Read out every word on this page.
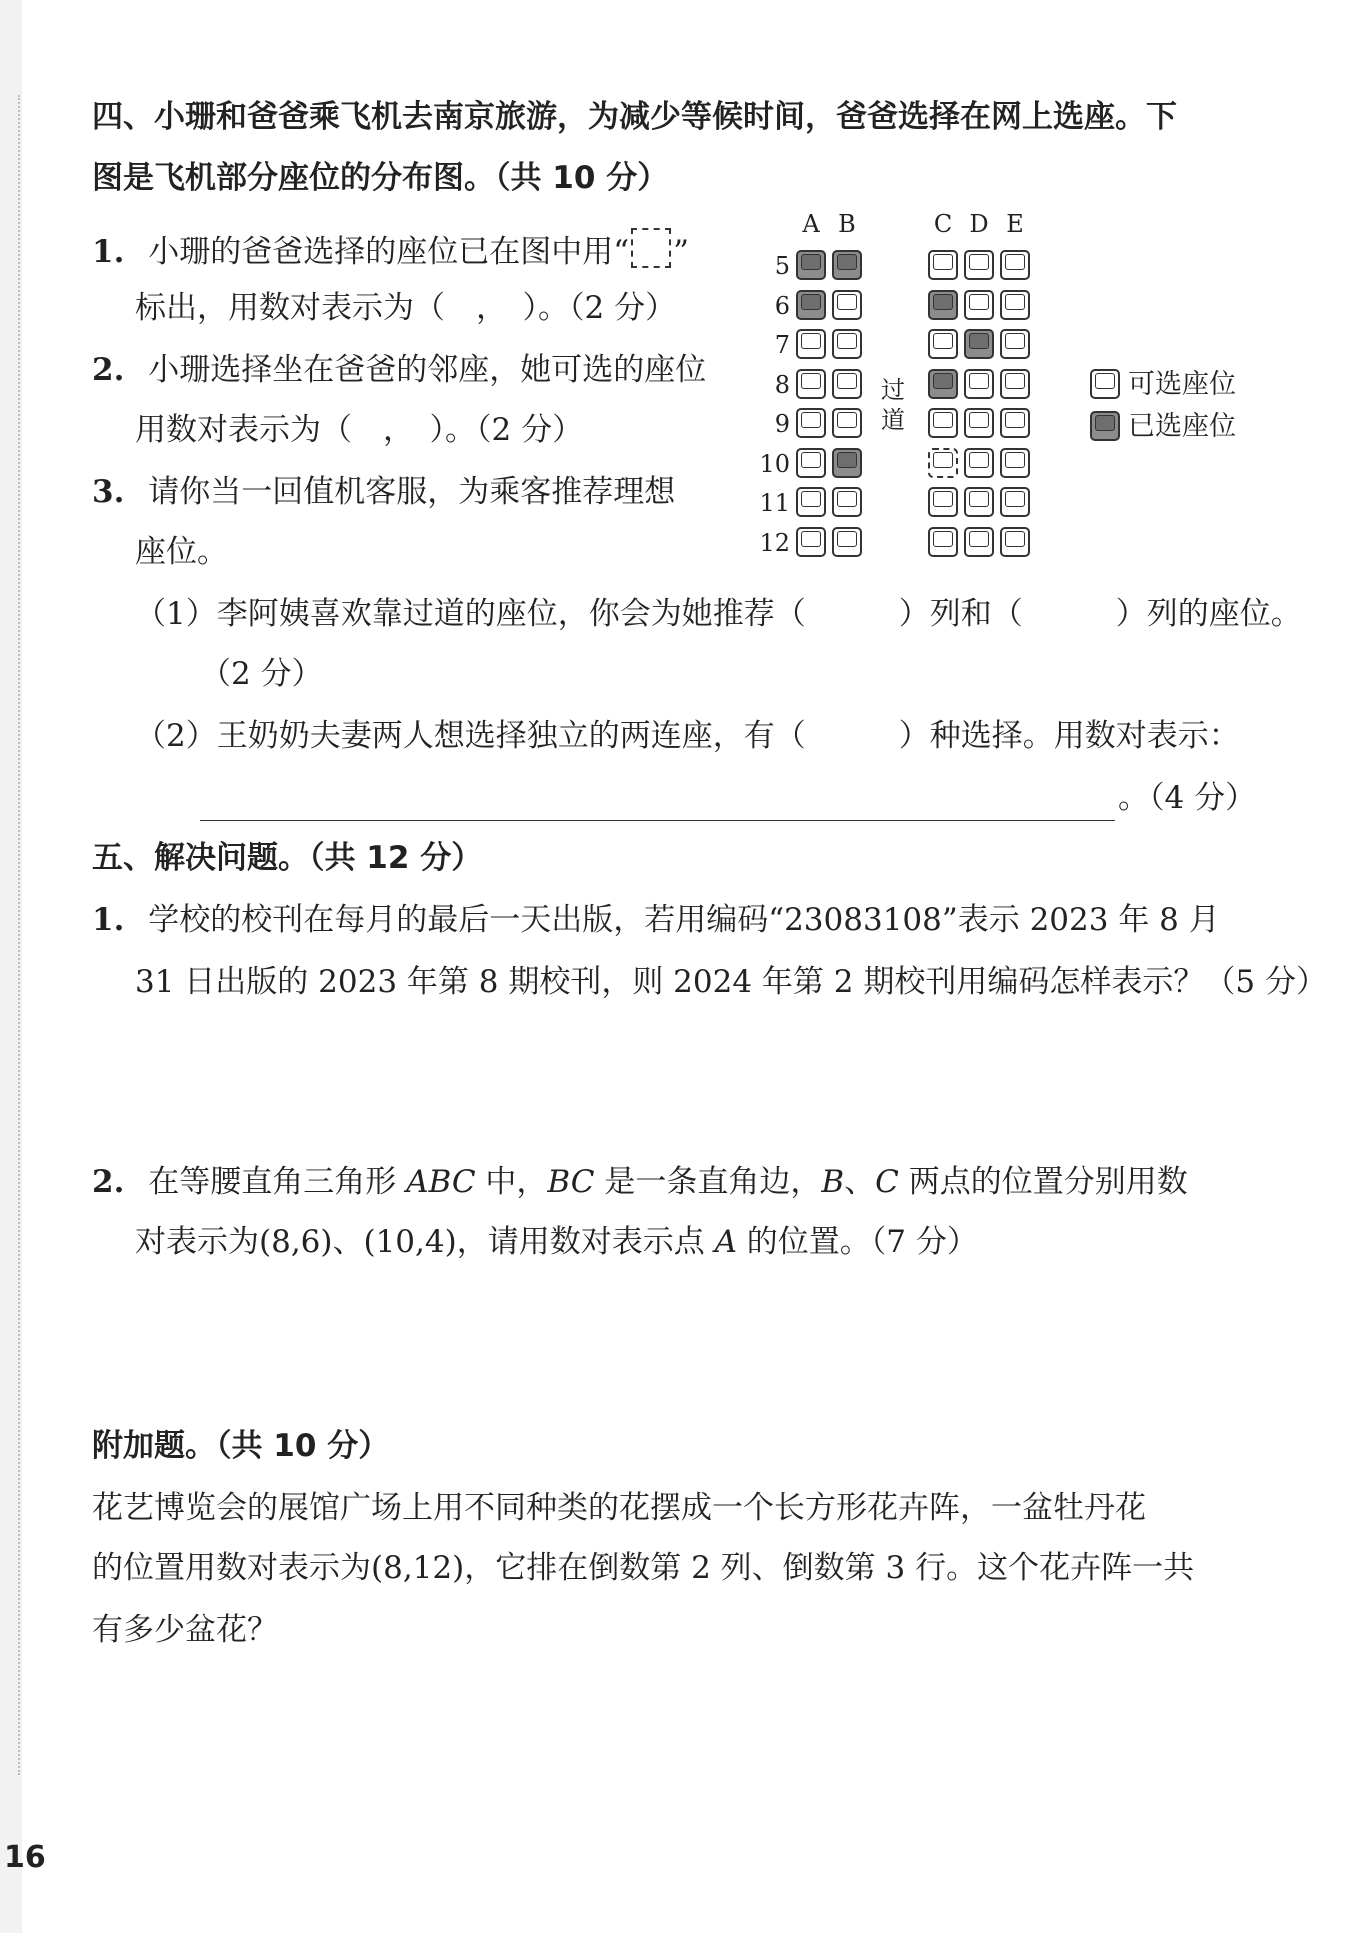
四、小珊和爸爸乘飞机去南京旅游，为减少等候时间，爸爸选择在网上选座。下
图是飞机部分座位的分布图。（共 10 分）
1. 小珊的爸爸选择的座位已在图中用“ ”
标出，用数对表示为（　，　）。（2 分）
2. 小珊选择坐在爸爸的邻座，她可选的座位
用数对表示为（　，　）。（2 分）
3. 请你当一回值机客服，为乘客推荐理想
座位。
（1）李阿姨喜欢靠过道的座位，你会为她推荐（　　　）列和（　　　）列的座位。
（2 分）
（2）王奶奶夫妻两人想选择独立的两连座，有（　　　）种选择。用数对表示：
。（4 分）
过
道
A B	C D E
5
6
7
8
9
10
11
12
可选座位
已选座位
五、解决问题。（共 12 分）
1. 学校的校刊在每月的最后一天出版，若用编码“23083108”表示 2023 年 8 月
31 日出版的 2023 年第 8 期校刊，则 2024 年第 2 期校刊用编码怎样表示？（5 分）
2. 在等腰直角三角形 ABC 中，BC 是一条直角边，B、C 两点的位置分别用数
对表示为(8,6)、(10,4)，请用数对表示点 A 的位置。（7 分）
附加题。（共 10 分）
花艺博览会的展馆广场上用不同种类的花摆成一个长方形花卉阵，一盆牡丹花
的位置用数对表示为(8,12)，它排在倒数第 2 列、倒数第 3 行。这个花卉阵一共
有多少盆花？
16
